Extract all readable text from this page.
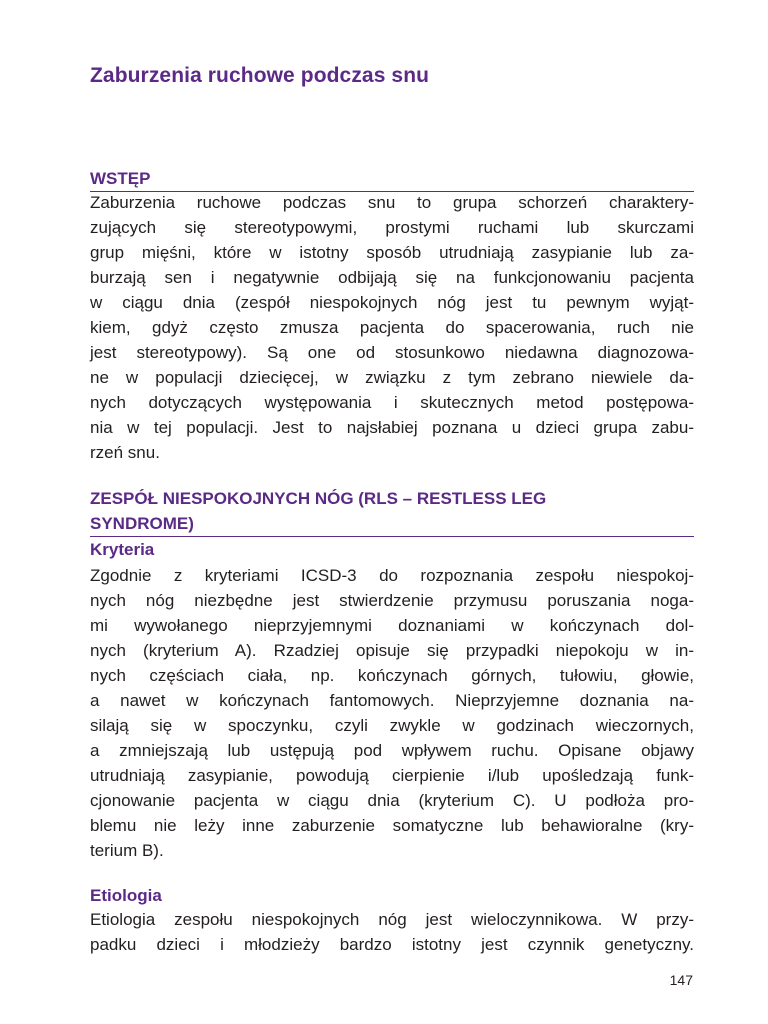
Zaburzenia ruchowe podczas snu
WSTĘP
Zaburzenia ruchowe podczas snu to grupa schorzeń charaktery-
zujących się stereotypowymi, prostymi ruchami lub skurczami
grup mięśni, które w istotny sposób utrudniają zasypianie lub za-
burzają sen i negatywnie odbijają się na funkcjonowaniu pacjenta
w ciągu dnia (zespół niespokojnych nóg jest tu pewnym wyjąt-
kiem, gdyż często zmusza pacjenta do spacerowania, ruch nie
jest stereotypowy). Są one od stosunkowo niedawna diagnozowa-
ne w populacji dziecięcej, w związku z tym zebrano niewiele da-
nych dotyczących występowania i skutecznych metod postępowa-
nia w tej populacji. Jest to najsłabiej poznana u dzieci grupa zabu-
rzeń snu.
ZESPÓŁ NIESPOKOJNYCH NÓG (RLS – RESTLESS LEG
SYNDROME)
Kryteria
Zgodnie z kryteriami ICSD-3 do rozpoznania zespołu niespokoj-
nych nóg niezbędne jest stwierdzenie przymusu poruszania noga-
mi wywołanego nieprzyjemnymi doznaniami w kończynach dol-
nych (kryterium A). Rzadziej opisuje się przypadki niepokoju w in-
nych częściach ciała, np. kończynach górnych, tułowiu, głowie,
a nawet w kończynach fantomowych. Nieprzyjemne doznania na-
silają się w spoczynku, czyli zwykle w godzinach wieczornych,
a zmniejszają lub ustępują pod wpływem ruchu. Opisane objawy
utrudniają zasypianie, powodują cierpienie i/lub upośledzają funk-
cjonowanie pacjenta w ciągu dnia (kryterium C). U podłoża pro-
blemu nie leży inne zaburzenie somatyczne lub behawioralne (kry-
terium B).
Etiologia
Etiologia zespołu niespokojnych nóg jest wieloczynnikowa. W przy-
padku dzieci i młodzieży bardzo istotny jest czynnik genetyczny.

147
